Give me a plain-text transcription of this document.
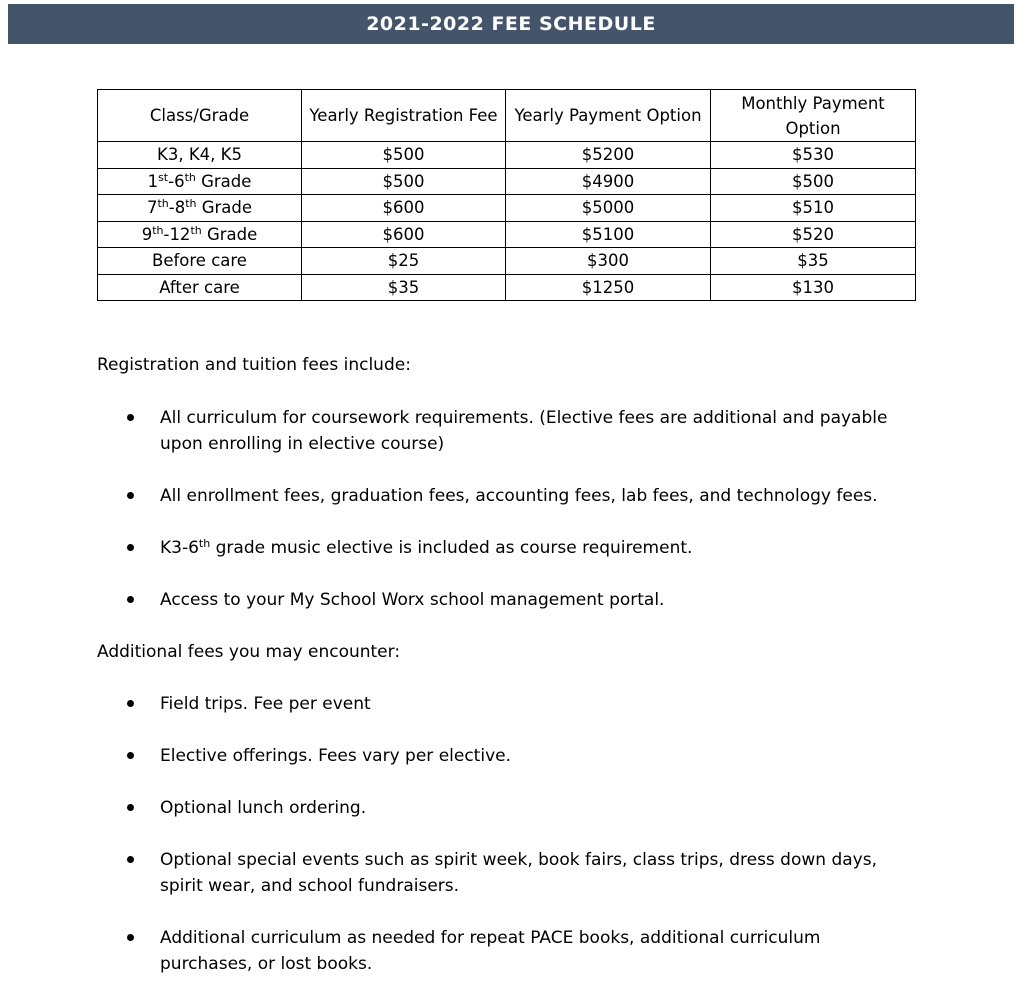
2021-2022 FEE SCHEDULE
Class/Grade	Yearly Registration Fee	Yearly Payment Option	Monthly Payment Option
K3, K4, K5	$500	$5200	$530
1st-6th Grade	$500	$4900	$500
7th-8th Grade	$600	$5000	$510
9th-12th Grade	$600	$5100	$520
Before care	$25	$300	$35
After care	$35	$1250	$130

Registration and tuition fees include:

All curriculum for coursework requirements. (Elective fees are additional and payable upon enrolling in elective course)
All enrollment fees, graduation fees, accounting fees, lab fees, and technology fees.
K3-6th grade music elective is included as course requirement.
Access to your My School Worx school management portal.

Additional fees you may encounter:

Field trips. Fee per event
Elective offerings. Fees vary per elective.
Optional lunch ordering.
Optional special events such as spirit week, book fairs, class trips, dress down days, spirit wear, and school fundraisers.
Additional curriculum as needed for repeat PACE books, additional curriculum purchases, or lost books.
